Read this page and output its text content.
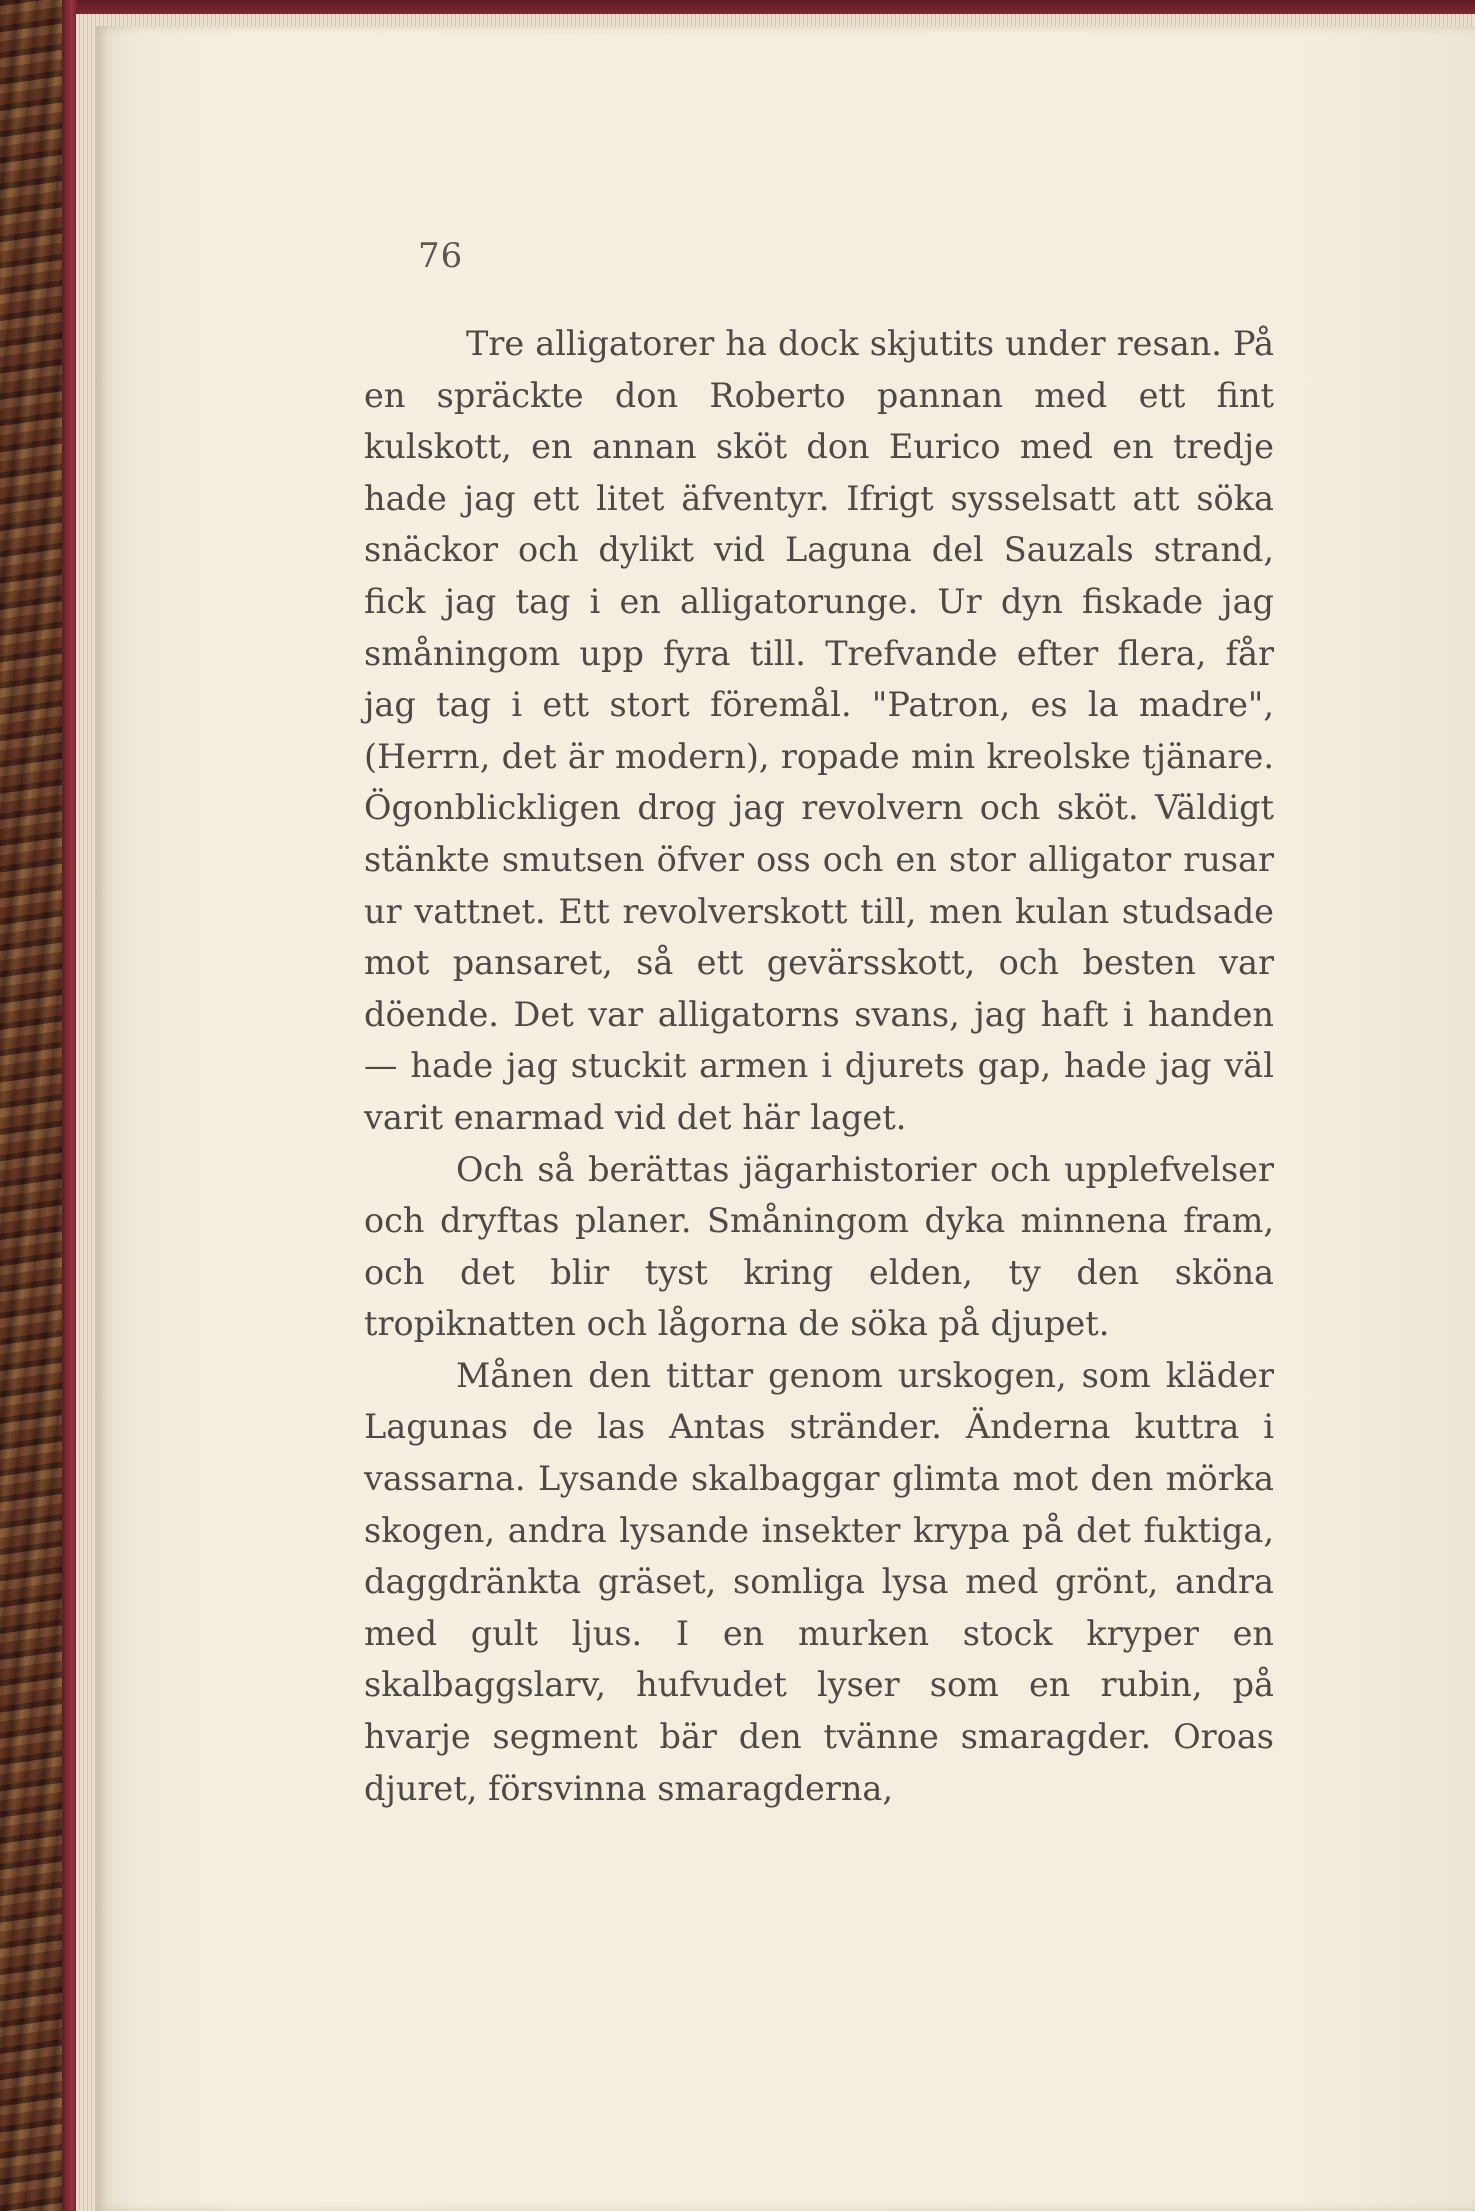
76

Tre alligatorer ha dock skjutits under resan. På en spräckte don Roberto pannan med ett fint kulskott, en annan sköt don Eurico med en tredje hade jag ett litet äfventyr. Ifrigt sysselsatt att söka snäckor och dylikt vid Laguna del Sauzals strand, fick jag tag i en alligatorunge. Ur dyn fiskade jag småningom upp fyra till. Trefvande efter flera, får jag tag i ett stort föremål. "Patron, es la madre", (Herrn, det är modern), ropade min kreolske tjänare. Ögonblickligen drog jag revolvern och sköt. Väldigt stänkte smutsen öfver oss och en stor alligator rusar ur vattnet. Ett revolverskott till, men kulan studsade mot pansaret, så ett gevärsskott, och besten var döende. Det var alligatorns svans, jag haft i handen — hade jag stuckit armen i djurets gap, hade jag väl varit enarmad vid det här laget.

Och så berättas jägarhistorier och upplefvelser och dryftas planer. Småningom dyka minnena fram, och det blir tyst kring elden, ty den sköna tropiknatten och lågorna de söka på djupet.

Månen den tittar genom urskogen, som kläder Lagunas de las Antas stränder. Änderna kuttra i vassarna. Lysande skalbaggar glimta mot den mörka skogen, andra lysande insekter krypa på det fuktiga, daggdränkta gräset, somliga lysa med grönt, andra med gult ljus. I en murken stock kryper en skalbaggslarv, hufvudet lyser som en rubin, på hvarje segment bär den tvänne smaragder. Oroas djuret, försvinna smaragderna,
